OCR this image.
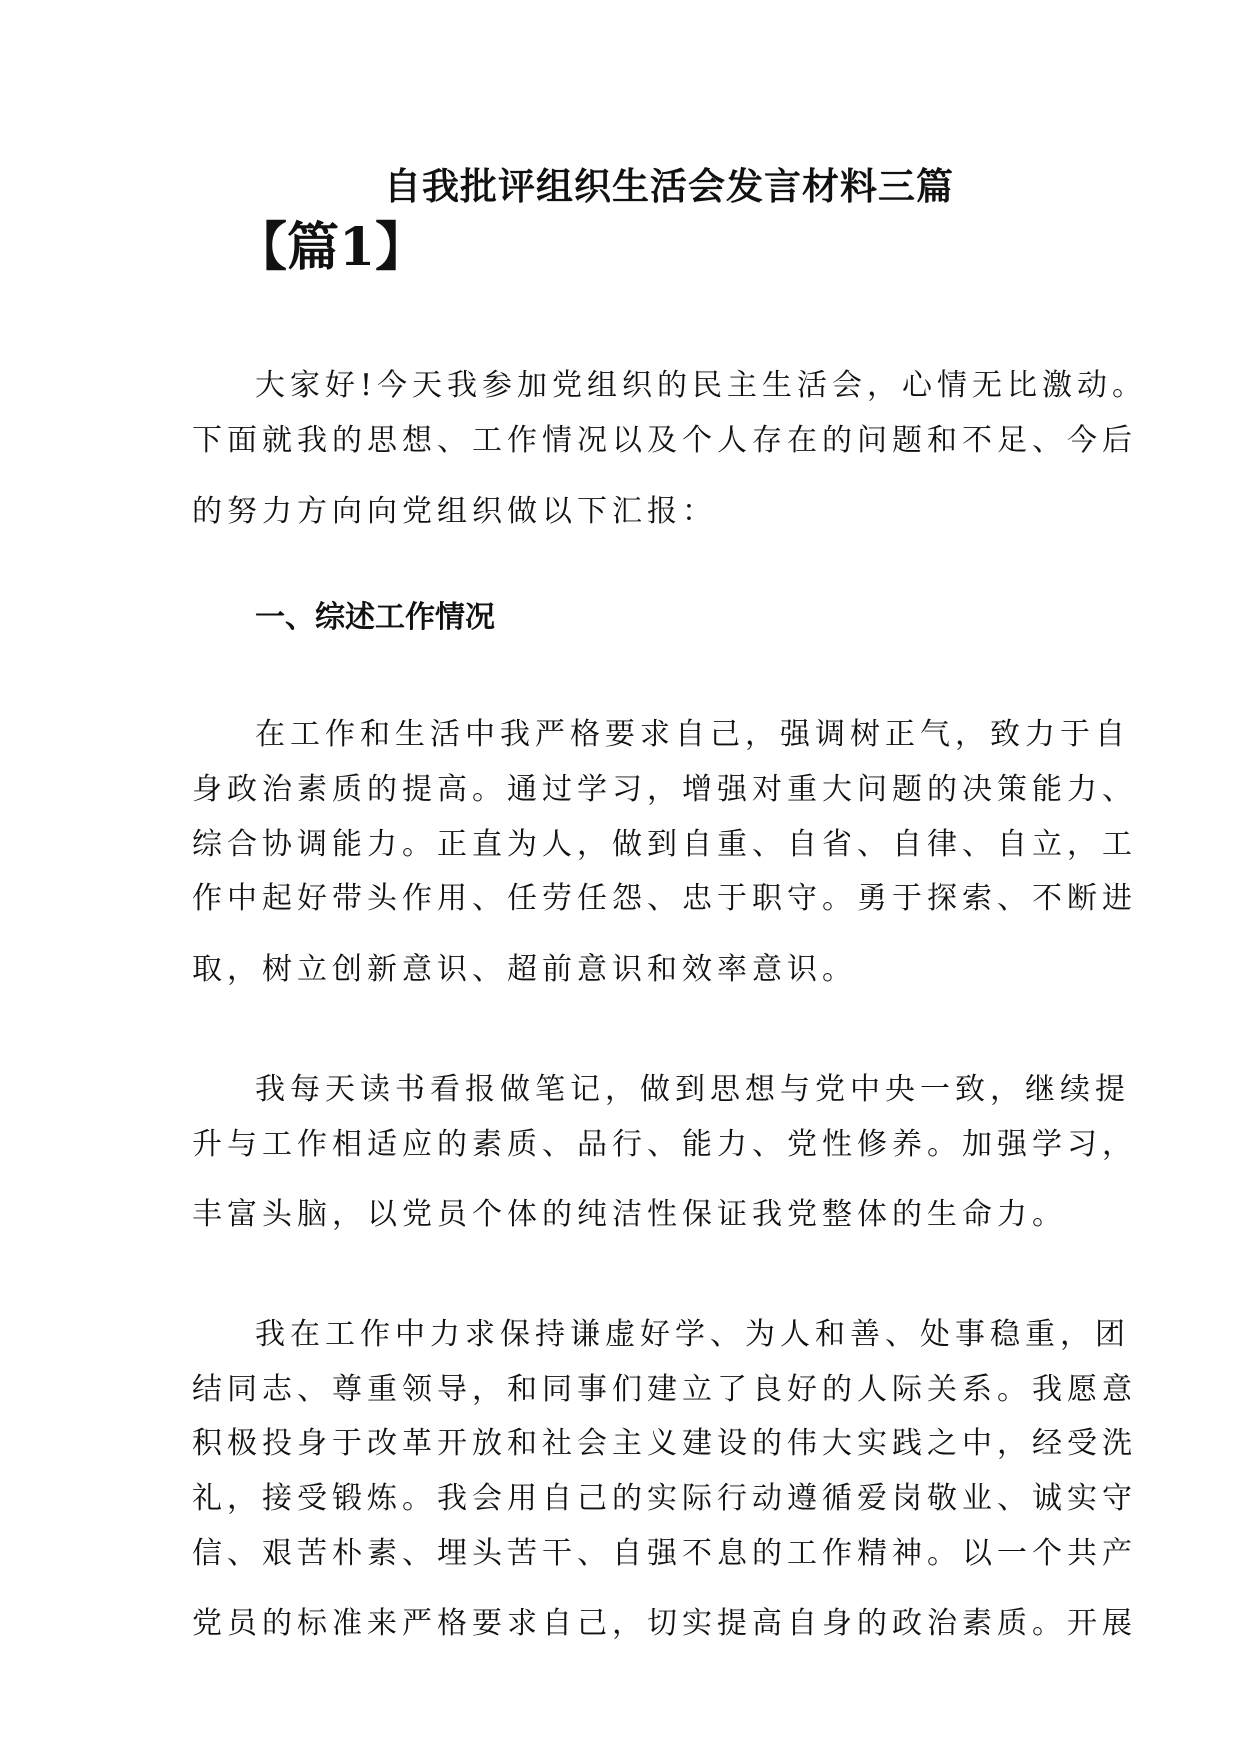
自我批评组织生活会发言材料三篇
【篇1】
大家好!今天我参加党组织的民主生活会，心情无比激动。
下面就我的思想、工作情况以及个人存在的问题和不足、今后
的努力方向向党组织做以下汇报：
一、综述工作情况
在工作和生活中我严格要求自己，强调树正气，致力于自
身政治素质的提高。通过学习，增强对重大问题的决策能力、
综合协调能力。正直为人，做到自重、自省、自律、自立，工
作中起好带头作用、任劳任怨、忠于职守。勇于探索、不断进
取，树立创新意识、超前意识和效率意识。
我每天读书看报做笔记，做到思想与党中央一致，继续提
升与工作相适应的素质、品行、能力、党性修养。加强学习，
丰富头脑，以党员个体的纯洁性保证我党整体的生命力。
我在工作中力求保持谦虚好学、为人和善、处事稳重，团
结同志、尊重领导，和同事们建立了良好的人际关系。我愿意
积极投身于改革开放和社会主义建设的伟大实践之中，经受洗
礼，接受锻炼。我会用自己的实际行动遵循爱岗敬业、诚实守
信、艰苦朴素、埋头苦干、自强不息的工作精神。以一个共产
党员的标准来严格要求自己，切实提高自身的政治素质。开展
